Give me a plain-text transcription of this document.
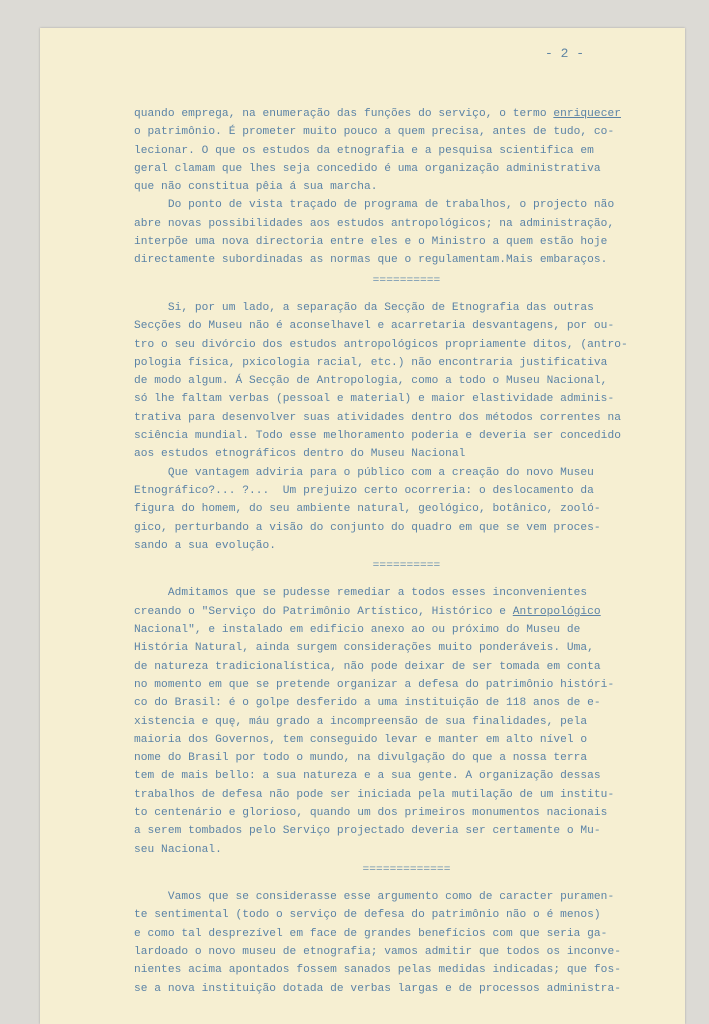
- 2 -
quando emprega, na enumeração das funções do serviço, o termo enriquecer
o patrimônio. É prometer muito pouco a quem precisa, antes de tudo, co-
lecionar. O que os estudos da etnografia e a pesquisa scientifica em
geral clamam que lhes seja concedido é uma organização administrativa
que não constitua pêia á sua marcha.
Do ponto de vista traçado de programa de trabalhos, o projecto não
abre novas possibilidades aos estudos antropológicos; na administração,
interpõe uma nova directoria entre eles e o Ministro a quem estão hoje
directamente subordinadas as normas que o regulamentam.Mais embaraços.
==========
Si, por um lado, a separação da Secção de Etnografia das outras
Secções do Museu não é aconselhavel e acarretaria desvantagens, por ou-
tro o seu divórcio dos estudos antropológicos propriamente ditos, (antro-
pologia física, pxicologia racial, etc.) não encontraria justificativa
de modo algum. Á Secção de Antropologia, como a todo o Museu Nacional,
só lhe faltam verbas (pessoal e material) e maior elastividade adminis-
trativa para desenvolver suas atividades dentro dos métodos correntes na
sciência mundial. Todo esse melhoramento poderia e deveria ser concedido
aos estudos etnográficos dentro do Museu Nacional
Que vantagem adviria para o público com a creação do novo Museu
Etnográfico?... ?...  Um prejuizo certo ocorreria: o deslocamento da
figura do homem, do seu ambiente natural, geológico, botânico, zooló-
gico, perturbando a visão do conjunto do quadro em que se vem proces-
sando a sua evolução.
==========
Admitamos que se pudesse remediar a todos esses inconvenientes
creando o "Serviço do Patrimônio Artístico, Histórico e Antropológico
Nacional", e instalado em edificio anexo ao ou próximo do Museu de
História Natural, ainda surgem considerações muito ponderáveis. Uma,
de natureza tradicionalística, não pode deixar de ser tomada em conta
no momento em que se pretende organizar a defesa do patrimônio históri-
co do Brasil: é o golpe desferido a uma instituição de 118 anos de e-
xistencia e quę, máu grado a incompreensão de sua finalidades, pela
maioria dos Governos, tem conseguido levar e manter em alto nível o
nome do Brasil por todo o mundo, na divulgação do que a nossa terra
tem de mais bello: a sua natureza e a sua gente. A organização dessas
trabalhos de defesa não pode ser iniciada pela mutilação de um institu-
to centenário e glorioso, quando um dos primeiros monumentos nacionais
a serem tombados pelo Serviço projectado deveria ser certamente o Mu-
seu Nacional.
=============
Vamos que se considerasse esse argumento como de caracter puramen-
te sentimental (todo o serviço de defesa do patrimônio não o é menos)
e como tal desprezível em face de grandes benefícios com que seria ga-
lardoado o novo museu de etnografia; vamos admitir que todos os inconve-
nientes acima apontados fossem sanados pelas medidas indicadas; que fos-
se a nova instituição dotada de verbas largas e de processos administra-
